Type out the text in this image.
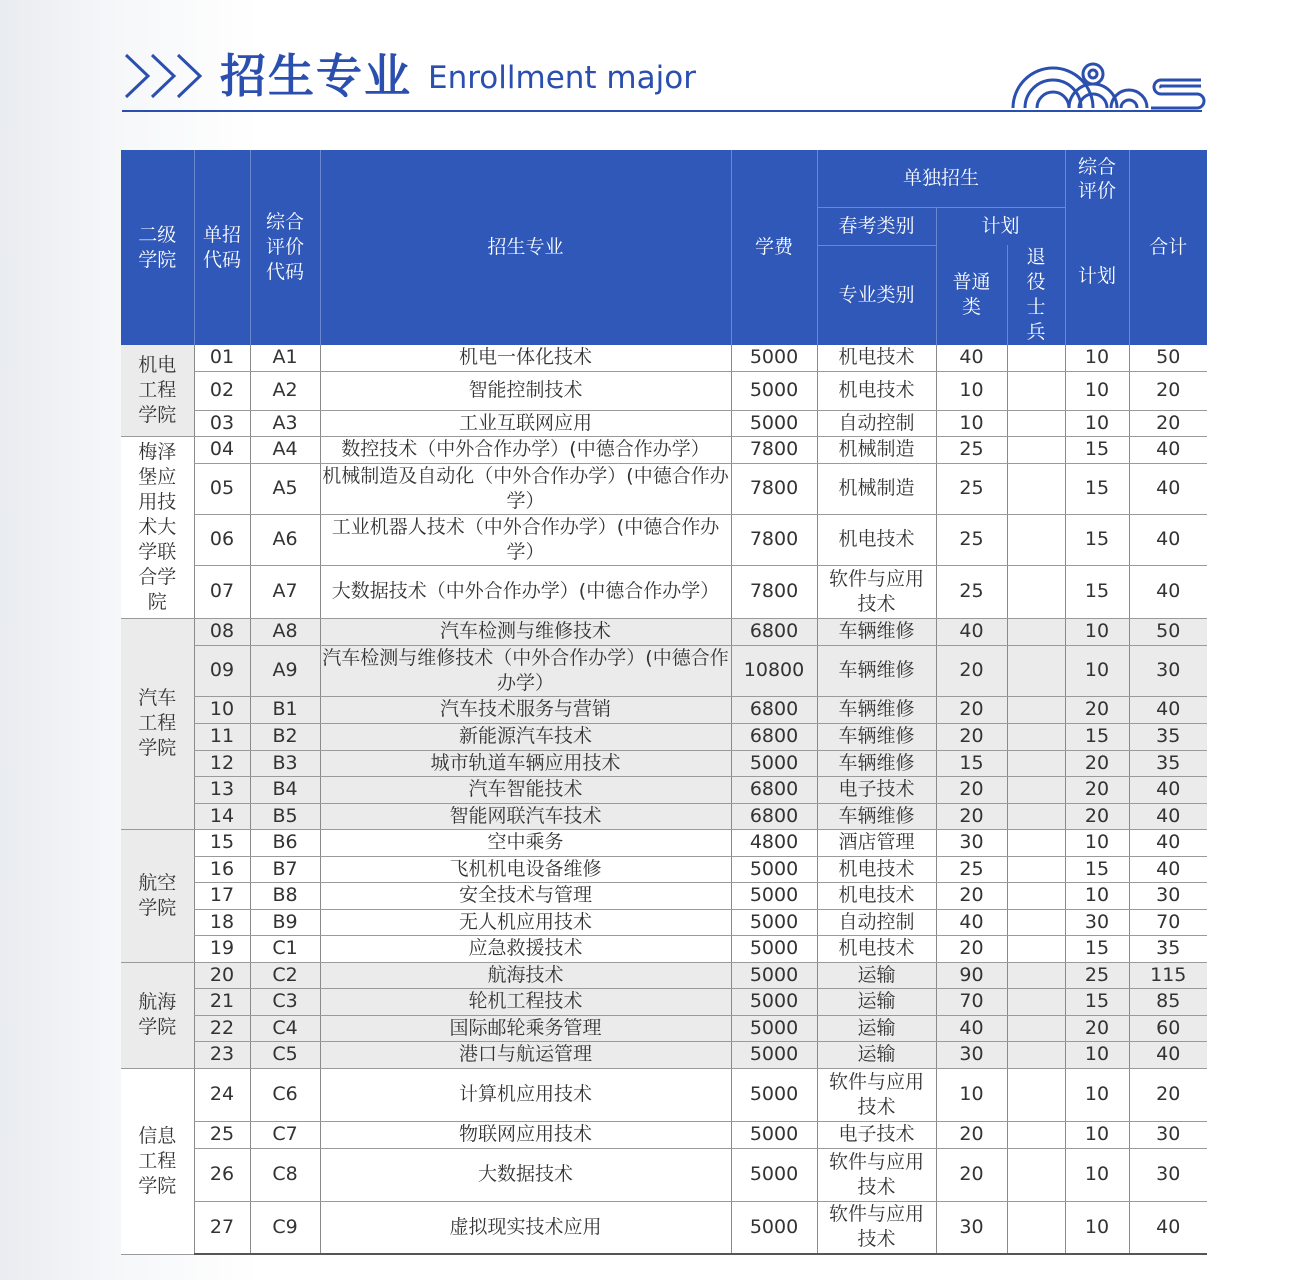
招生专业 Enrollment major
二级学院	单招代码	综合评价代码	招生专业	学费	单独招生			综合评价	合计
					春考类别	计划		计划	
					专业类别	普通类	退役士兵		
机电工程学院	01	A1	机电一体化技术	5000	机电技术	40		10	50
	02	A2	智能控制技术	5000	机电技术	10		10	20
	03	A3	工业互联网应用	5000	自动控制	10		10	20
梅泽堡应用技术大学联合学院	04	A4	数控技术（中外合作办学）(中德合作办学）	7800	机械制造	25		15	40
	05	A5	机械制造及自动化（中外合作办学）(中德合作办学）	7800	机械制造	25		15	40
	06	A6	工业机器人技术（中外合作办学）(中德合作办学）	7800	机电技术	25		15	40
	07	A7	大数据技术（中外合作办学）(中德合作办学）	7800	软件与应用技术	25		15	40
汽车工程学院	08	A8	汽车检测与维修技术	6800	车辆维修	40		10	50
	09	A9	汽车检测与维修技术（中外合作办学）(中德合作办学）	10800	车辆维修	20		10	30
	10	B1	汽车技术服务与营销	6800	车辆维修	20		20	40
	11	B2	新能源汽车技术	6800	车辆维修	20		15	35
	12	B3	城市轨道车辆应用技术	5000	车辆维修	15		20	35
	13	B4	汽车智能技术	6800	电子技术	20		20	40
	14	B5	智能网联汽车技术	6800	车辆维修	20		20	40
航空学院	15	B6	空中乘务	4800	酒店管理	30		10	40
	16	B7	飞机机电设备维修	5000	机电技术	25		15	40
	17	B8	安全技术与管理	5000	机电技术	20		10	30
	18	B9	无人机应用技术	5000	自动控制	40		30	70
	19	C1	应急救援技术	5000	机电技术	20		15	35
航海学院	20	C2	航海技术	5000	运输	90		25	115
	21	C3	轮机工程技术	5000	运输	70		15	85
	22	C4	国际邮轮乘务管理	5000	运输	40		20	60
	23	C5	港口与航运管理	5000	运输	30		10	40
信息工程学院	24	C6	计算机应用技术	5000	软件与应用技术	10		10	20
	25	C7	物联网应用技术	5000	电子技术	20		10	30
	26	C8	大数据技术	5000	软件与应用技术	20		10	30
	27	C9	虚拟现实技术应用	5000	软件与应用技术	30		10	40
